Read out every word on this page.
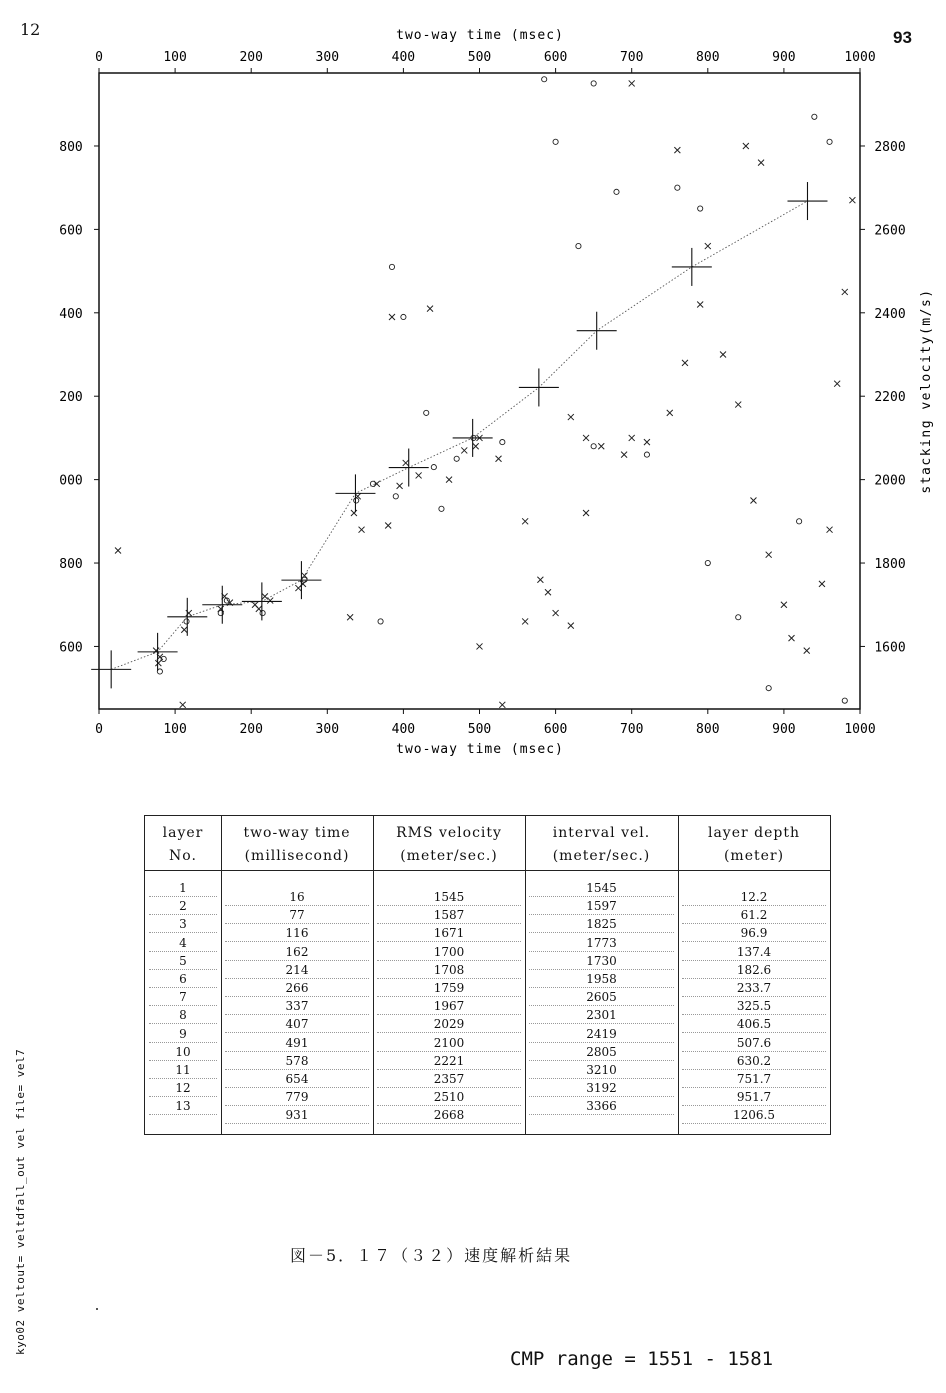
12	93
kyo02 veltout= veltdfall_out vel file= vel7
0
0
100
100
200
200
300
300
400
400
500
500
600
600
700
700
800
800
900
900
1000
1000
1600
1800
2000
2200
2400
2600
2800
600
800
000
200
400
600
800
two-way time (msec)
two-way time (msec)
stacking velocity(m/s)
layer
No.
two-way time
(millisecond)
RMS velocity
(meter/sec.)
interval vel.
(meter/sec.)
layer depth
(meter)
1
2
3
4
5
6
7
8
9
10
11
12
13
16
77
116
162
214
266
337
407
491
578
654
779
931
1545
1587
1671
1700
1708
1759
1967
2029
2100
2221
2357
2510
2668
1545
1597
1825
1773
1730
1958
2605
2301
2419
2805
3210
3192
3366
12.2
61.2
96.9
137.4
182.6
233.7
325.5
406.5
507.6
630.2
751.7
951.7
1206.5
図－5．１７（３２）速度解析結果
CMP range = 1551 - 1581
